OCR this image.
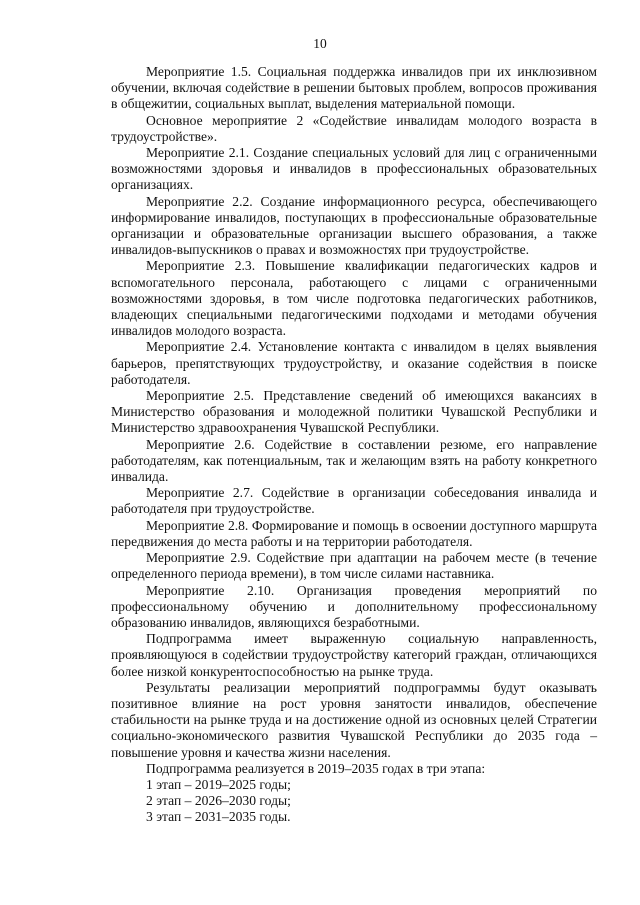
10

Мероприятие 1.5. Социальная поддержка инвалидов при их инклюзивном обучении, включая содействие в решении бытовых проблем, вопросов проживания в общежитии, социальных выплат, выделения материальной помощи.

Основное мероприятие 2 «Содействие инвалидам молодого возраста в трудоустройстве».

Мероприятие 2.1. Создание специальных условий для лиц с ограниченными возможностями здоровья и инвалидов в профессиональных образовательных организациях.

Мероприятие 2.2. Создание информационного ресурса, обеспечивающего информирование инвалидов, поступающих в профессиональные образовательные организации и образовательные организации высшего образования, а также инвалидов-выпускников о правах и возможностях при трудоустройстве.

Мероприятие 2.3. Повышение квалификации педагогических кадров и вспомогательного персонала, работающего с лицами с ограниченными возможностями здоровья, в том числе подготовка педагогических работников, владеющих специальными педагогическими подходами и методами обучения инвалидов молодого возраста.

Мероприятие 2.4. Установление контакта с инвалидом в целях выявления барьеров, препятствующих трудоустройству, и оказание содействия в поиске работодателя.

Мероприятие 2.5. Представление сведений об имеющихся вакансиях в Министерство образования и молодежной политики Чувашской Республики и Министерство здравоохранения Чувашской Республики.

Мероприятие 2.6. Содействие в составлении резюме, его направление работодателям, как потенциальным, так и желающим взять на работу конкретного инвалида.

Мероприятие 2.7. Содействие в организации собеседования инвалида и работодателя при трудоустройстве.

Мероприятие 2.8. Формирование и помощь в освоении доступного маршрута передвижения до места работы и на территории работодателя.

Мероприятие 2.9. Содействие при адаптации на рабочем месте (в течение определенного периода времени), в том числе силами наставника.

Мероприятие 2.10. Организация проведения мероприятий по профессиональному обучению и дополнительному профессиональному образованию инвалидов, являющихся безработными.

Подпрограмма имеет выраженную социальную направленность, проявляющуюся в содействии трудоустройству категорий граждан, отличающихся более низкой конкурентоспособностью на рынке труда.

Результаты реализации мероприятий подпрограммы будут оказывать позитивное влияние на рост уровня занятости инвалидов, обеспечение стабильности на рынке труда и на достижение одной из основных целей Стратегии социально-экономического развития Чувашской Республики до 2035 года – повышение уровня и качества жизни населения.

Подпрограмма реализуется в 2019–2035 годах в три этапа:

1 этап – 2019–2025 годы;

2 этап – 2026–2030 годы;

3 этап – 2031–2035 годы.
